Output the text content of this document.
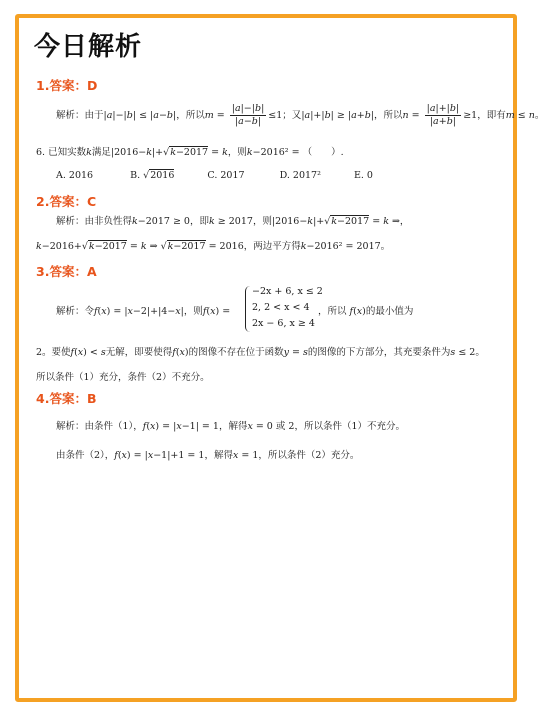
今日解析
1.答案：D
解析：由于|a|−|b| ≤ |a−b|，所以$m = \frac{|a|-|b|}{|a-b|} \le 1$；又|a|+|b| ≥ |a+b|，所以$n = \frac{|a|+|b|}{|a+b|} \ge 1$，即有m ≤ n。
6. 已知实数k满足|2016−k|+√k−2017 = k，则k−2016² = （　　）.
A. 2016	B. √2016	C. 2017	D. 2017²	E. 0
2.答案：C
解析：由非负性得k−2017 ≥ 0，即k ≥ 2017，则|2016−k|+√k−2017 = k ⇒，
k−2016+√k−2017 = k ⇒ √k−2017 = 2016，两边平方得k−2016² = 2017。
3.答案：A
解析：令f(x) = |x−2|+|4−x|，则f(x) =
−2x + 6, x ≤ 2
2, 2 < x < 4
2x − 6, x ≥ 4
，所以 f(x)的最小值为
2。要使f(x) < s无解，即要使得f(x)的图像不存在位于函数y = s的图像的下方部分，其充要条件为s ≤ 2。
所以条件（1）充分，条件（2）不充分。
4.答案：B
解析：由条件（1），f(x) = |x−1| = 1，解得x = 0 或 2，所以条件（1）不充分。
由条件（2），f(x) = |x−1|+1 = 1，解得x = 1，所以条件（2）充分。
